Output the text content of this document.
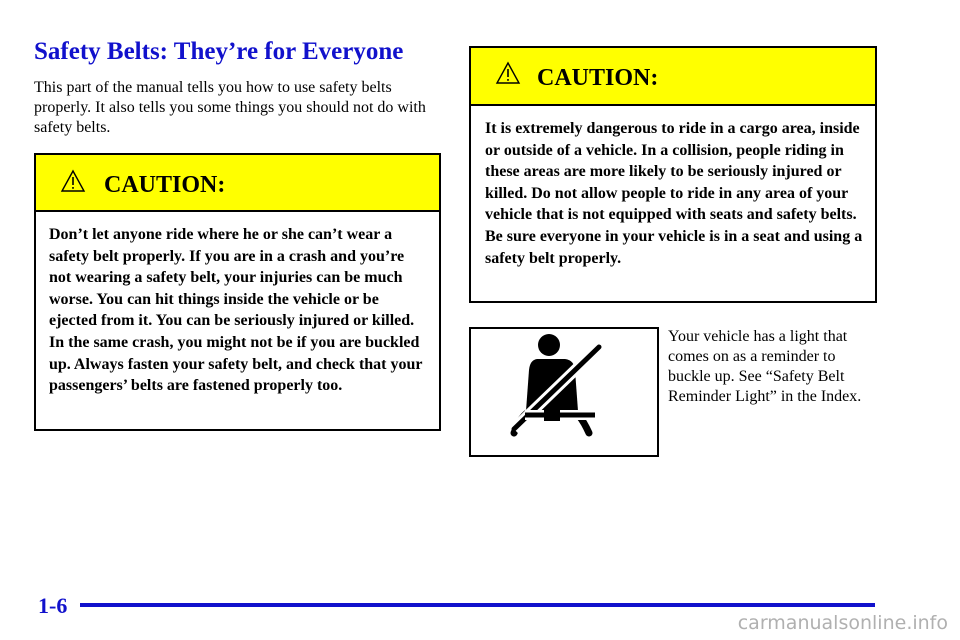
Safety Belts: They’re for Everyone

This part of the manual tells you how to use safety belts properly. It also tells you some things you should not do with safety belts.

CAUTION:

Don’t let anyone ride where he or she can’t wear a safety belt properly. If you are in a crash and you’re not wearing a safety belt, your injuries can be much worse. You can hit things inside the vehicle or be ejected from it. You can be seriously injured or killed. In the same crash, you might not be if you are buckled up. Always fasten your safety belt, and check that your passengers’ belts are fastened properly too.

CAUTION:

It is extremely dangerous to ride in a cargo area, inside or outside of a vehicle. In a collision, people riding in these areas are more likely to be seriously injured or killed. Do not allow people to ride in any area of your vehicle that is not equipped with seats and safety belts. Be sure everyone in your vehicle is in a seat and using a safety belt properly.

Your vehicle has a light that comes on as a reminder to buckle up. See “Safety Belt Reminder Light” in the Index.

1-6

carmanualsonline.info
